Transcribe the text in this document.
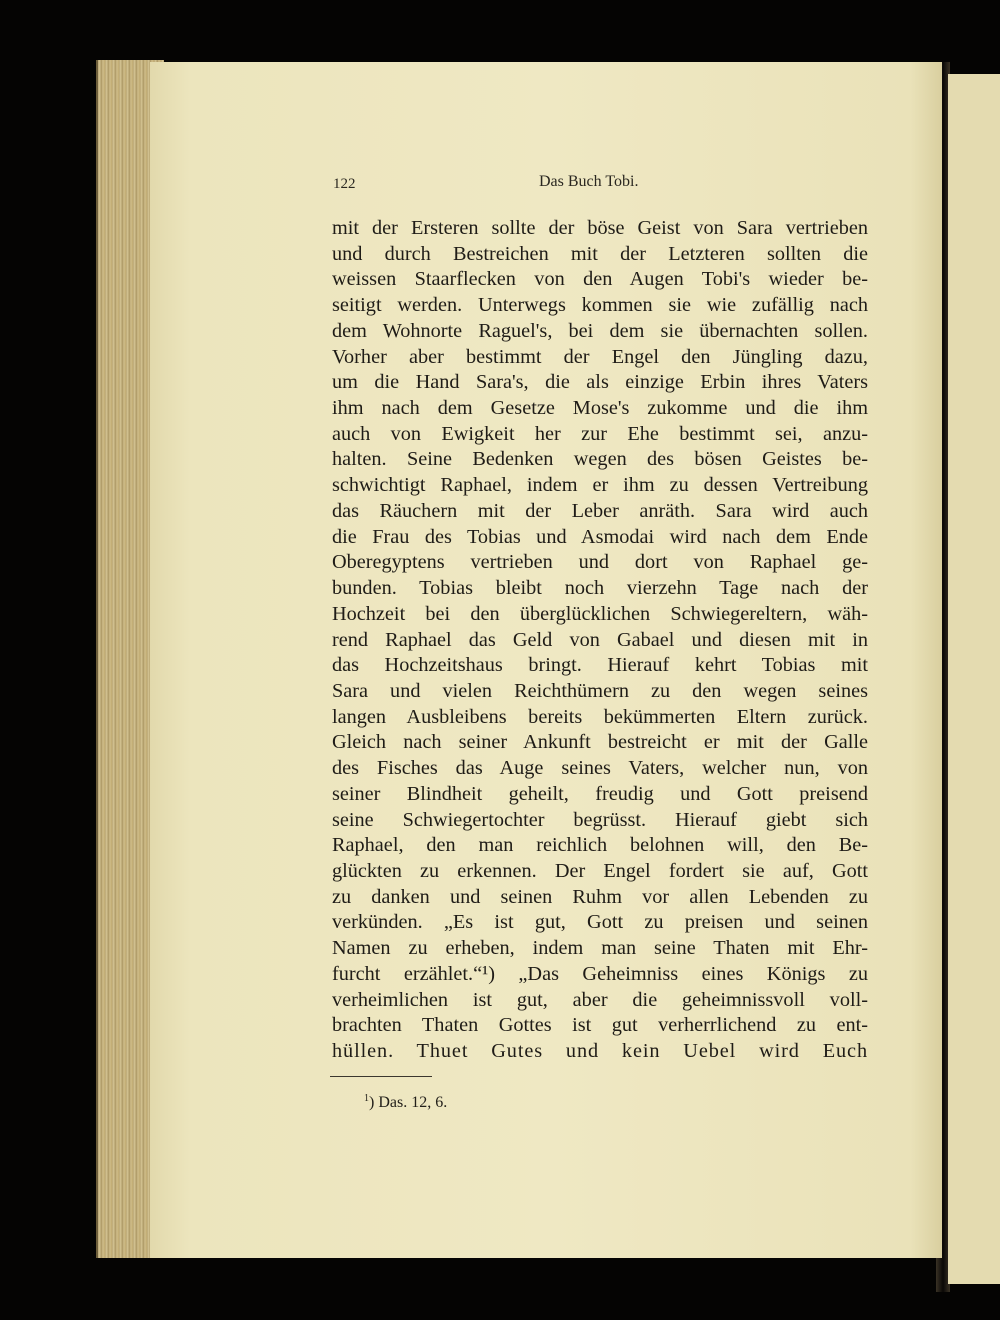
122	Das Buch Tobi.
mit der Ersteren sollte der böse Geist von Sara vertrieben
und durch Bestreichen mit der Letzteren sollten die
weissen Staarflecken von den Augen Tobi's wieder be-
seitigt werden. Unterwegs kommen sie wie zufällig nach
dem Wohnorte Raguel's, bei dem sie übernachten sollen.
Vorher aber bestimmt der Engel den Jüngling dazu,
um die Hand Sara's, die als einzige Erbin ihres Vaters
ihm nach dem Gesetze Mose's zukomme und die ihm
auch von Ewigkeit her zur Ehe bestimmt sei, anzu-
halten. Seine Bedenken wegen des bösen Geistes be-
schwichtigt Raphael, indem er ihm zu dessen Vertreibung
das Räuchern mit der Leber anräth. Sara wird auch
die Frau des Tobias und Asmodai wird nach dem Ende
Oberegyptens vertrieben und dort von Raphael ge-
bunden. Tobias bleibt noch vierzehn Tage nach der
Hochzeit bei den überglücklichen Schwiegereltern, wäh-
rend Raphael das Geld von Gabael und diesen mit in
das Hochzeitshaus bringt. Hierauf kehrt Tobias mit
Sara und vielen Reichthümern zu den wegen seines
langen Ausbleibens bereits bekümmerten Eltern zurück.
Gleich nach seiner Ankunft bestreicht er mit der Galle
des Fisches das Auge seines Vaters, welcher nun, von
seiner Blindheit geheilt, freudig und Gott preisend
seine Schwiegertochter begrüsst. Hierauf giebt sich
Raphael, den man reichlich belohnen will, den Be-
glückten zu erkennen. Der Engel fordert sie auf, Gott
zu danken und seinen Ruhm vor allen Lebenden zu
verkünden. „Es ist gut, Gott zu preisen und seinen
Namen zu erheben, indem man seine Thaten mit Ehr-
furcht erzählet.“¹) „Das Geheimniss eines Königs zu
verheimlichen ist gut, aber die geheimnissvoll voll-
brachten Thaten Gottes ist gut verherrlichend zu ent-
hüllen. Thuet Gutes und kein Uebel wird Euch
$^1$) Das. 12, 6.
